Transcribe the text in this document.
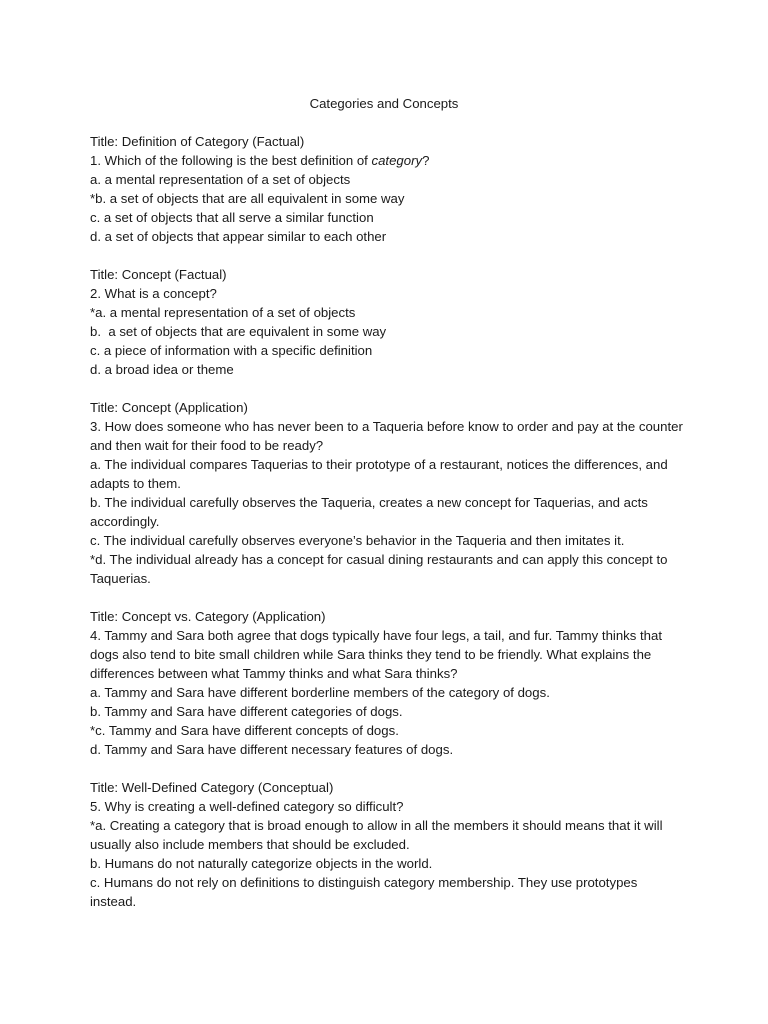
Categories and Concepts
Title: Definition of Category (Factual)
1. Which of the following is the best definition of category?
a. a mental representation of a set of objects
*b. a set of objects that are all equivalent in some way
c. a set of objects that all serve a similar function
d. a set of objects that appear similar to each other
Title: Concept (Factual)
2. What is a concept?
*a. a mental representation of a set of objects
b.  a set of objects that are equivalent in some way
c. a piece of information with a specific definition
d. a broad idea or theme
Title: Concept (Application)
3. How does someone who has never been to a Taqueria before know to order and pay at the counter and then wait for their food to be ready?
a. The individual compares Taquerias to their prototype of a restaurant, notices the differences, and adapts to them.
b. The individual carefully observes the Taqueria, creates a new concept for Taquerias, and acts accordingly.
c. The individual carefully observes everyone’s behavior in the Taqueria and then imitates it.
*d. The individual already has a concept for casual dining restaurants and can apply this concept to Taquerias.
Title: Concept vs. Category (Application)
4. Tammy and Sara both agree that dogs typically have four legs, a tail, and fur. Tammy thinks that dogs also tend to bite small children while Sara thinks they tend to be friendly. What explains the differences between what Tammy thinks and what Sara thinks?
a. Tammy and Sara have different borderline members of the category of dogs.
b. Tammy and Sara have different categories of dogs.
*c. Tammy and Sara have different concepts of dogs.
d. Tammy and Sara have different necessary features of dogs.
Title: Well-Defined Category (Conceptual)
5. Why is creating a well-defined category so difficult?
*a. Creating a category that is broad enough to allow in all the members it should means that it will usually also include members that should be excluded.
b. Humans do not naturally categorize objects in the world.
c. Humans do not rely on definitions to distinguish category membership. They use prototypes instead.
